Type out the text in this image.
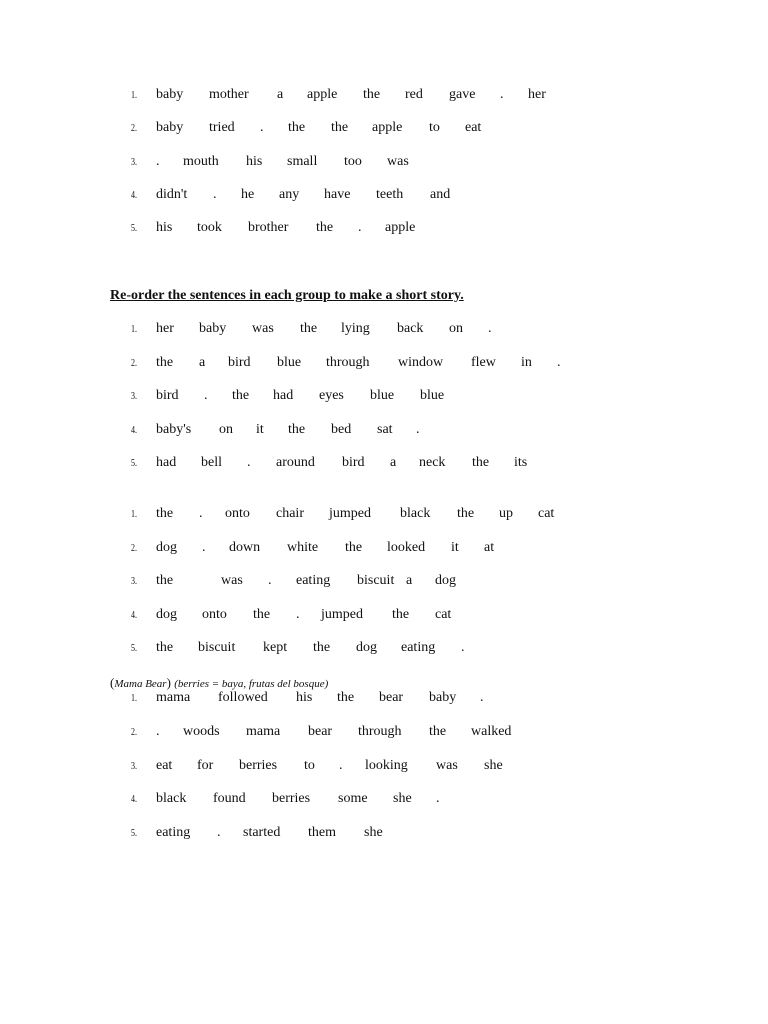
1. baby mother a apple the red gave . her
2. baby tried . the the apple to eat
3. . mouth his small too was
4. didn't . he any have teeth and
5. his took brother the . apple
Re-order the sentences in each group to make a short story.
1. her baby was the lying back on .
2. the a bird blue through window flew in .
3. bird . the had eyes blue blue
4. baby's on it the bed sat .
5. had bell . around bird a neck the its
1. the . onto chair jumped black the up cat
2. dog . down white the looked it at
3. the	was . eating biscuit a dog
4. dog onto the . jumped the cat
5. the biscuit kept the dog eating .
(Mama Bear) (berries = baya, frutas del bosque)
1. mama followed his the bear baby .
2. . woods mama bear through the walked
3. eat for berries to . looking was she
4. black found berries some she .
5. eating . started them she
